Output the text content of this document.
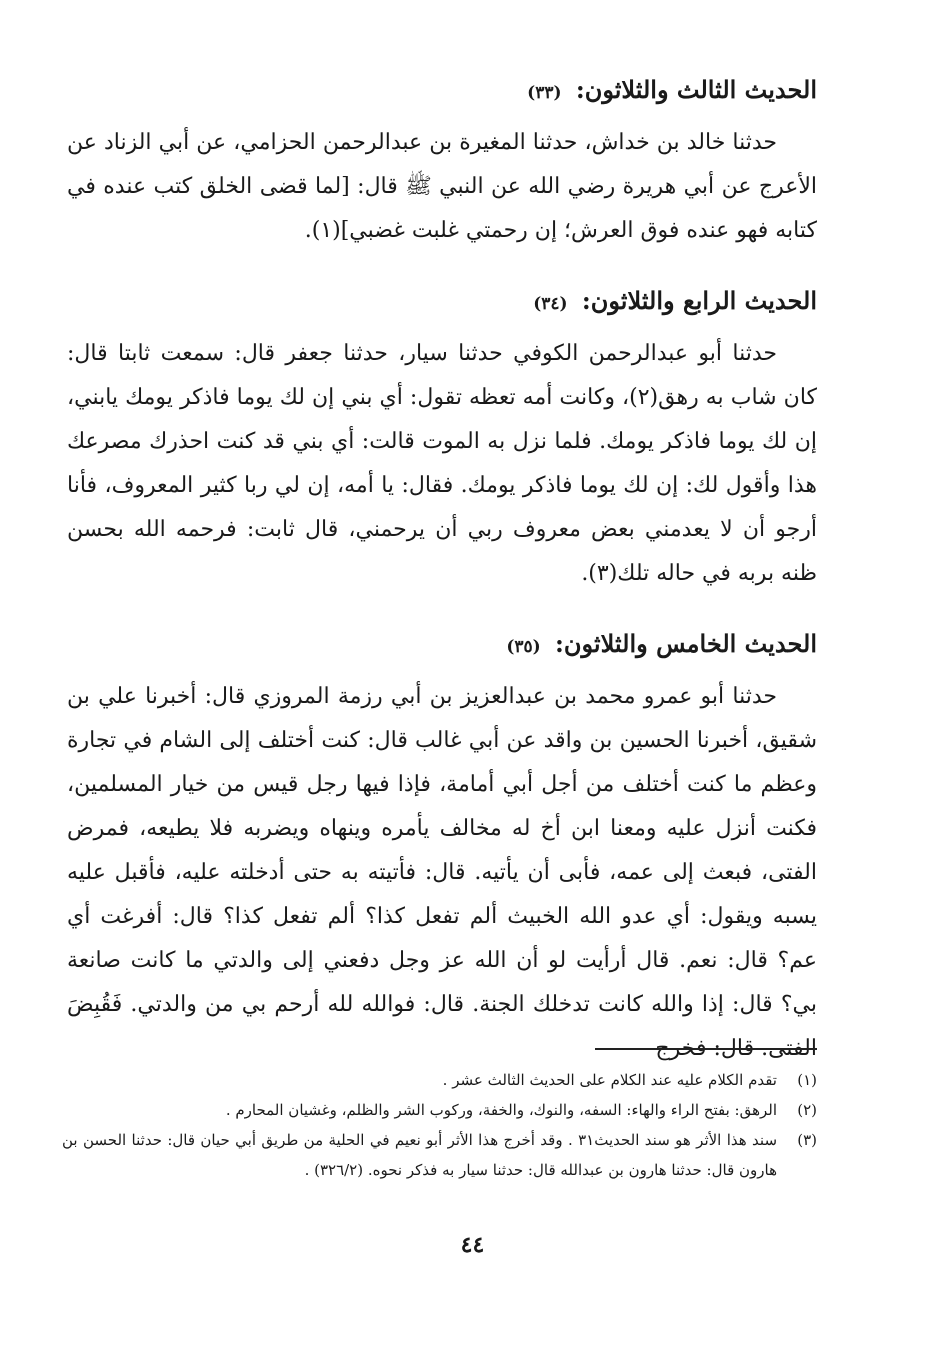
الحديث الثالث والثلاثون: (٣٣)

حدثنا خالد بن خداش، حدثنا المغيرة بن عبدالرحمن الحزامي، عن أبي الزناد عن الأعرج عن أبي هريرة رضي الله عن النبي ﷺ قال: [لما قضى الخلق كتب عنده في كتابه فهو عنده فوق العرش؛ إن رحمتي غلبت غضبي](١).

الحديث الرابع والثلاثون: (٣٤)

حدثنا أبو عبدالرحمن الكوفي حدثنا سيار، حدثنا جعفر قال: سمعت ثابتا قال: كان شاب به رهق(٢)، وكانت أمه تعظه تقول: أي بني إن لك يوما فاذكر يومك يابني، إن لك يوما فاذكر يومك. فلما نزل به الموت قالت: أي بني قد كنت احذرك مصرعك هذا وأقول لك: إن لك يوما فاذكر يومك. فقال: يا أمه، إن لي ربا كثير المعروف، فأنا أرجو أن لا يعدمني بعض معروف ربي أن يرحمني، قال ثابت: فرحمه الله بحسن ظنه بربه في حاله تلك(٣).

الحديث الخامس والثلاثون: (٣٥)

حدثنا أبو عمرو محمد بن عبدالعزيز بن أبي رزمة المروزي قال: أخبرنا علي بن شقيق، أخبرنا الحسين بن واقد عن أبي غالب قال: كنت أختلف إلى الشام في تجارة وعظم ما كنت أختلف من أجل أبي أمامة، فإذا فيها رجل قيس من خيار المسلمين، فكنت أنزل عليه ومعنا ابن أخ له مخالف يأمره وينهاه ويضربه فلا يطيعه، فمرض الفتى، فبعث إلى عمه، فأبى أن يأتيه. قال: فأتيته به حتى أدخلته عليه، فأقبل عليه يسبه ويقول: أي عدو الله الخبيث ألم تفعل كذا؟ ألم تفعل كذا؟ قال: أفرغت أي عم؟ قال: نعم. قال أرأيت لو أن الله عز وجل دفعني إلى والدتي ما كانت صانعة بي؟ قال: إذا والله كانت تدخلك الجنة. قال: فوالله لله أرحم بي من والدتي. فَقُبِضَ الفتى. قال: فخرج

(١)
تقدم الكلام عليه عند الكلام على الحديث الثالث عشر .
(٢)
الرهق: بفتح الراء والهاء: السفه، والنوك، والخفة، وركوب الشر والظلم، وغشيان المحارم .
(٣)
سند هذا الأثر هو سند الحديث٣١ . وقد أخرج هذا الأثر أبو نعيم في الحلية من طريق أبي حيان قال: حدثنا الحسن بن هارون قال: حدثنا هارون بن عبدالله قال: حدثنا سيار به فذكر نحوه. (٣٢٦/٢) .
٤٤
